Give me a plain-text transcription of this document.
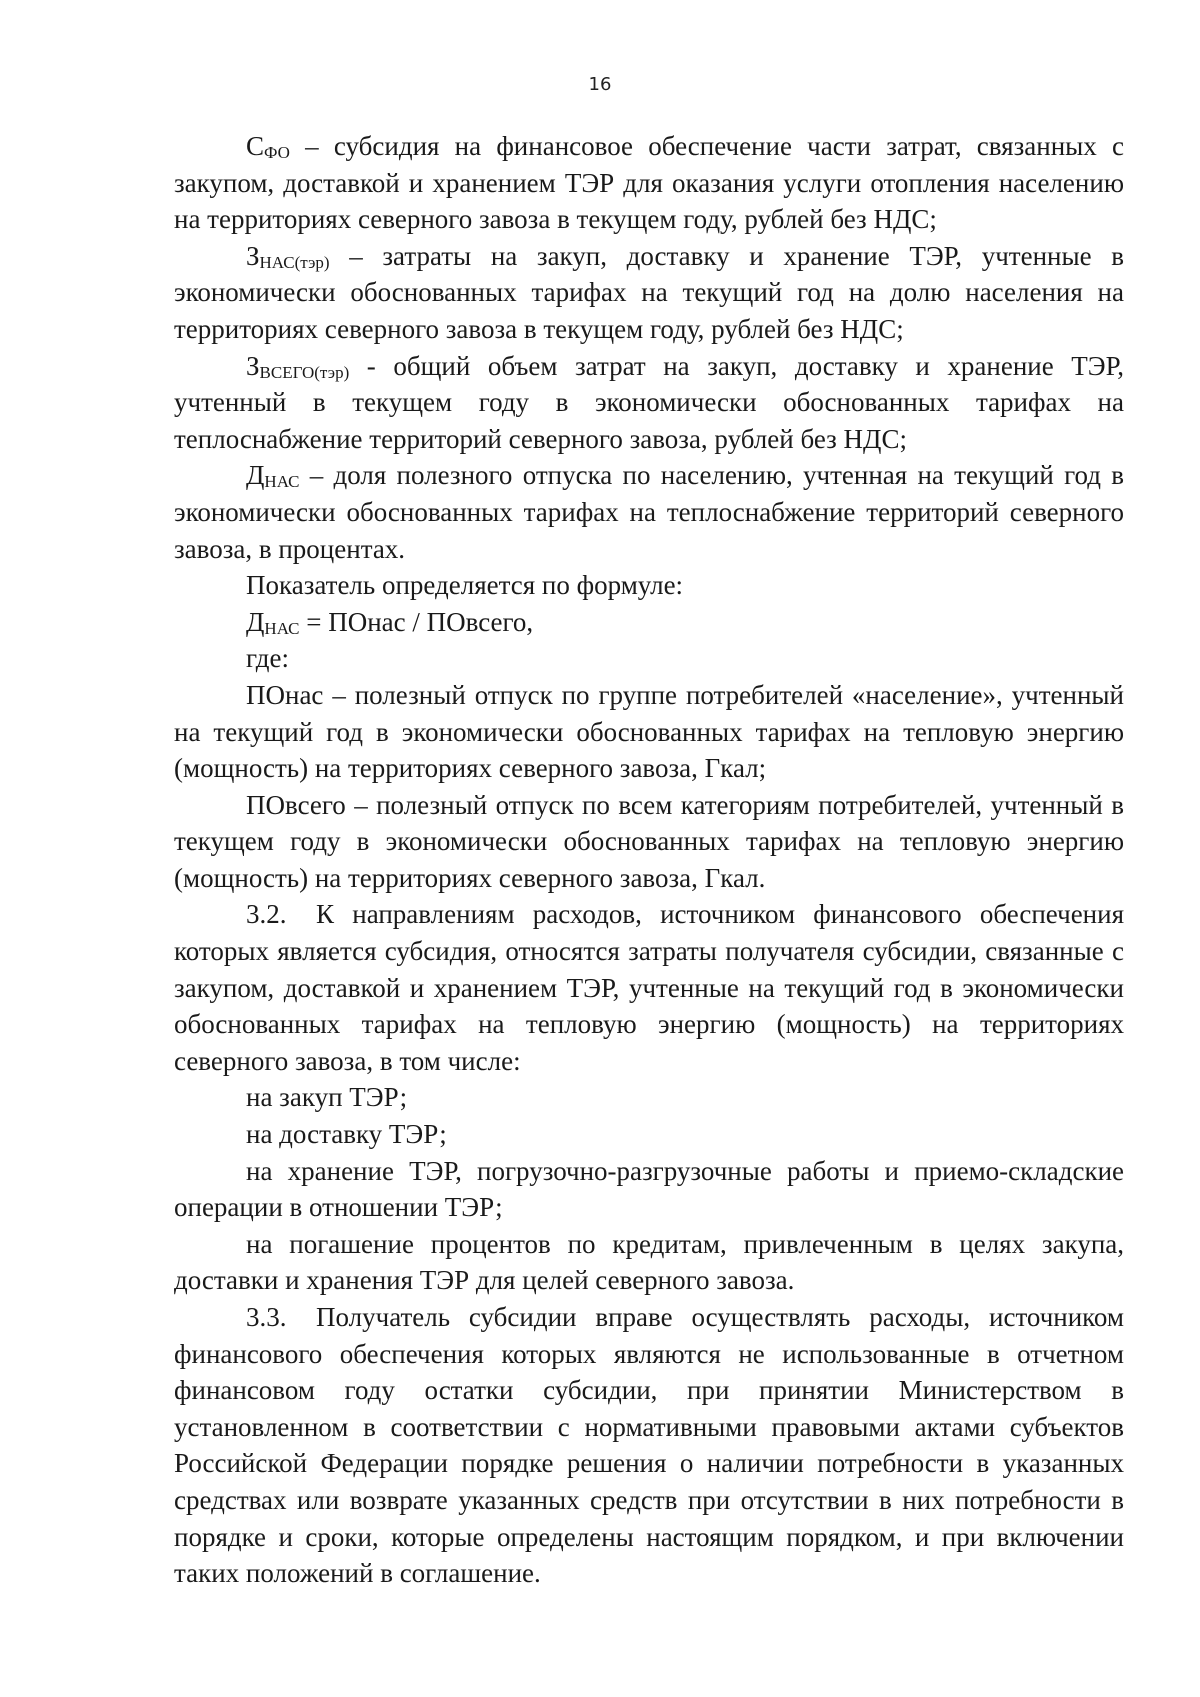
16

$С_{ФО}$ – субсидия на финансовое обеспечение части затрат, связанных с закупом, доставкой и хранением ТЭР для оказания услуги отопления населению на территориях северного завоза в текущем году, рублей без НДС;

$З_{НАС(тэр)}$ – затраты на закуп, доставку и хранение ТЭР, учтенные в экономически обоснованных тарифах на текущий год на долю населения на территориях северного завоза в текущем году, рублей без НДС;

$З_{ВСЕГО(тэр)}$ - общий объем затрат на закуп, доставку и хранение ТЭР, учтенный в текущем году в экономически обоснованных тарифах на теплоснабжение территорий северного завоза, рублей без НДС;

$Д_{НАС}$ – доля полезного отпуска по населению, учтенная на текущий год в экономически обоснованных тарифах на теплоснабжение территорий северного завоза, в процентах.

Показатель определяется по формуле:

$Д_{НАС}$ = ПОнас / ПОвсего,

где:

ПОнас – полезный отпуск по группе потребителей «население», учтенный на текущий год в экономически обоснованных тарифах на тепловую энергию (мощность) на территориях северного завоза, Гкал;

ПОвсего – полезный отпуск по всем категориям потребителей, учтенный в текущем году в экономически обоснованных тарифах на тепловую энергию (мощность) на территориях северного завоза, Гкал.

3.2. К направлениям расходов, источником финансового обеспечения которых является субсидия, относятся затраты получателя субсидии, связанные с закупом, доставкой и хранением ТЭР, учтенные на текущий год в экономически обоснованных тарифах на тепловую энергию (мощность) на территориях северного завоза, в том числе:

на закуп ТЭР;

на доставку ТЭР;

на хранение ТЭР, погрузочно-разгрузочные работы и приемо-складские операции в отношении ТЭР;

на погашение процентов по кредитам, привлеченным в целях закупа, доставки и хранения ТЭР для целей северного завоза.

3.3. Получатель субсидии вправе осуществлять расходы, источником финансового обеспечения которых являются не использованные в отчетном финансовом году остатки субсидии, при принятии Министерством в установленном в соответствии с нормативными правовыми актами субъектов Российской Федерации порядке решения о наличии потребности в указанных средствах или возврате указанных средств при отсутствии в них потребности в порядке и сроки, которые определены настоящим порядком, и при включении таких положений в соглашение.
